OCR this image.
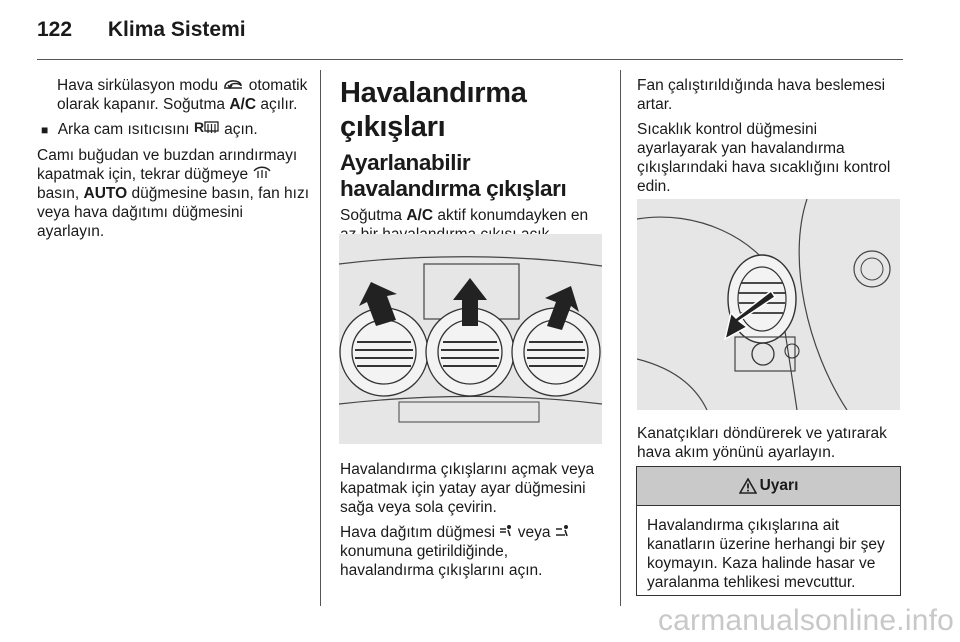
122 Klima Sistemi

Hava sirkülasyon modu otomatik olarak kapanır. Soğutma A/C açılır.

■ Arka cam ısıtıcısını R açın.

Camı buğudan ve buzdan arındırmayı kapatmak için, tekrar düğmeye  basın, AUTO düğmesine basın, fan hızı veya hava dağıtımı düğmesini ayarlayın.

Havalandırma çıkışları
Ayarlanabilir havalandırma çıkışları

Soğutma A/C aktif konumdayken en

Havalandırma çıkışlarını açmak veya kapatmak için yatay ayar düğmesini sağa veya sola çevirin.

Hava dağıtım düğmesi veya  konumuna getirildiğinde, havalandırma çıkışlarını açın.

Fan çalıştırıldığında hava beslemesi artar.

Sıcaklık kontrol düğmesini ayarlayarak yan havalandırma çıkışlarındaki hava sıcaklığını kontrol edin.

Kanatçıkları döndürerek ve yatırarak hava akım yönünü ayarlayın.

Uyarı
Havalandırma çıkışlarına ait kanatların üzerine herhangi bir şey koymayın. Kaza halinde hasar ve yaralanma tehlikesi mevcuttur.
carmanualsonline.info
